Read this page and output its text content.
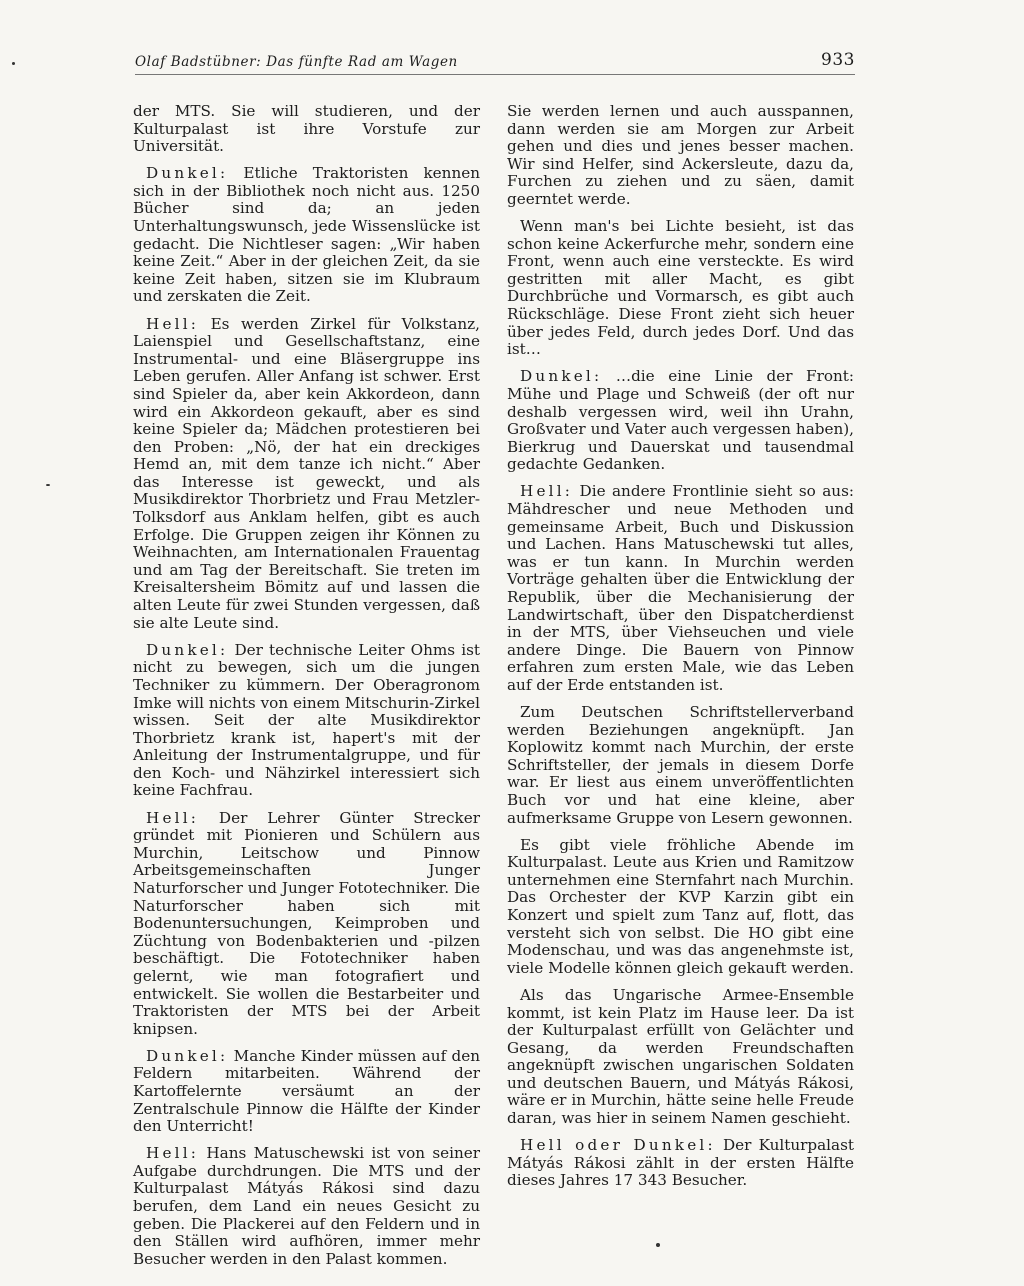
Olaf Badstübner: Das fünfte Rad am Wagen	933

der MTS. Sie will studieren, und der Kulturpalast ist ihre Vorstufe zur Universität.

Dunkel: Etliche Traktoristen kennen sich in der Bibliothek noch nicht aus. 1250 Bücher sind da; an jeden Unterhaltungswunsch, jede Wissenslücke ist gedacht. Die Nichtleser sagen: „Wir haben keine Zeit.“ Aber in der gleichen Zeit, da sie keine Zeit haben, sitzen sie im Klubraum und zerskaten die Zeit.

Hell: Es werden Zirkel für Volkstanz, Laienspiel und Gesellschaftstanz, eine Instrumental- und eine Bläsergruppe ins Leben gerufen. Aller Anfang ist schwer. Erst sind Spieler da, aber kein Akkordeon, dann wird ein Akkordeon gekauft, aber es sind keine Spieler da; Mädchen protestieren bei den Proben: „Nö, der hat ein dreckiges Hemd an, mit dem tanze ich nicht.“ Aber das Interesse ist geweckt, und als Musikdirektor Thorbrietz und Frau Metzler-Tolksdorf aus Anklam helfen, gibt es auch Erfolge. Die Gruppen zeigen ihr Können zu Weihnachten, am Internationalen Frauentag und am Tag der Bereitschaft. Sie treten im Kreisaltersheim Bömitz auf und lassen die alten Leute für zwei Stunden vergessen, daß sie alte Leute sind.

Dunkel: Der technische Leiter Ohms ist nicht zu bewegen, sich um die jungen Techniker zu kümmern. Der Oberagronom Imke will nichts von einem Mitschurin-Zirkel wissen. Seit der alte Musikdirektor Thorbrietz krank ist, hapert's mit der Anleitung der Instrumentalgruppe, und für den Koch- und Nähzirkel interessiert sich keine Fachfrau.

Hell: Der Lehrer Günter Strecker gründet mit Pionieren und Schülern aus Murchin, Leitschow und Pinnow Arbeitsgemeinschaften Junger Naturforscher und Junger Fototechniker. Die Naturforscher haben sich mit Bodenuntersuchungen, Keimproben und Züchtung von Bodenbakterien und -pilzen beschäftigt. Die Fototechniker haben gelernt, wie man fotografiert und entwickelt. Sie wollen die Bestarbeiter und Traktoristen der MTS bei der Arbeit knipsen.

Dunkel: Manche Kinder müssen auf den Feldern mitarbeiten. Während der Kartoffelernte versäumt an der Zentralschule Pinnow die Hälfte der Kinder den Unterricht!

Hell: Hans Matuschewski ist von seiner Aufgabe durchdrungen. Die MTS und der Kulturpalast Mátyás Rákosi sind dazu berufen, dem Land ein neues Gesicht zu geben. Die Plackerei auf den Feldern und in den Ställen wird aufhören, immer mehr Besucher werden in den Palast kommen.

Sie werden lernen und auch ausspannen, dann werden sie am Morgen zur Arbeit gehen und dies und jenes besser machen. Wir sind Helfer, sind Ackersleute, dazu da, Furchen zu ziehen und zu säen, damit geerntet werde.

Wenn man's bei Lichte besieht, ist das schon keine Ackerfurche mehr, sondern eine Front, wenn auch eine versteckte. Es wird gestritten mit aller Macht, es gibt Durchbrüche und Vormarsch, es gibt auch Rückschläge. Diese Front zieht sich heuer über jedes Feld, durch jedes Dorf. Und das ist…

Dunkel: …die eine Linie der Front: Mühe und Plage und Schweiß (der oft nur deshalb vergessen wird, weil ihn Urahn, Großvater und Vater auch vergessen haben), Bierkrug und Dauerskat und tausendmal gedachte Gedanken.

Hell: Die andere Frontlinie sieht so aus: Mähdrescher und neue Methoden und gemeinsame Arbeit, Buch und Diskussion und Lachen. Hans Matuschewski tut alles, was er tun kann. In Murchin werden Vorträge gehalten über die Entwicklung der Republik, über die Mechanisierung der Landwirtschaft, über den Dispatcherdienst in der MTS, über Viehseuchen und viele andere Dinge. Die Bauern von Pinnow erfahren zum ersten Male, wie das Leben auf der Erde entstanden ist.

Zum Deutschen Schriftstellerverband werden Beziehungen angeknüpft. Jan Koplowitz kommt nach Murchin, der erste Schriftsteller, der jemals in diesem Dorfe war. Er liest aus einem unveröffentlichten Buch vor und hat eine kleine, aber aufmerksame Gruppe von Lesern gewonnen.

Es gibt viele fröhliche Abende im Kulturpalast. Leute aus Krien und Ramitzow unternehmen eine Sternfahrt nach Murchin. Das Orchester der KVP Karzin gibt ein Konzert und spielt zum Tanz auf, flott, das versteht sich von selbst. Die HO gibt eine Modenschau, und was das angenehmste ist, viele Modelle können gleich gekauft werden.

Als das Ungarische Armee-Ensemble kommt, ist kein Platz im Hause leer. Da ist der Kulturpalast erfüllt von Gelächter und Gesang, da werden Freundschaften angeknüpft zwischen ungarischen Soldaten und deutschen Bauern, und Mátyás Rákosi, wäre er in Murchin, hätte seine helle Freude daran, was hier in seinem Namen geschieht.

Hell oder Dunkel: Der Kulturpalast Mátyás Rákosi zählt in der ersten Hälfte dieses Jahres 17 343 Besucher.
